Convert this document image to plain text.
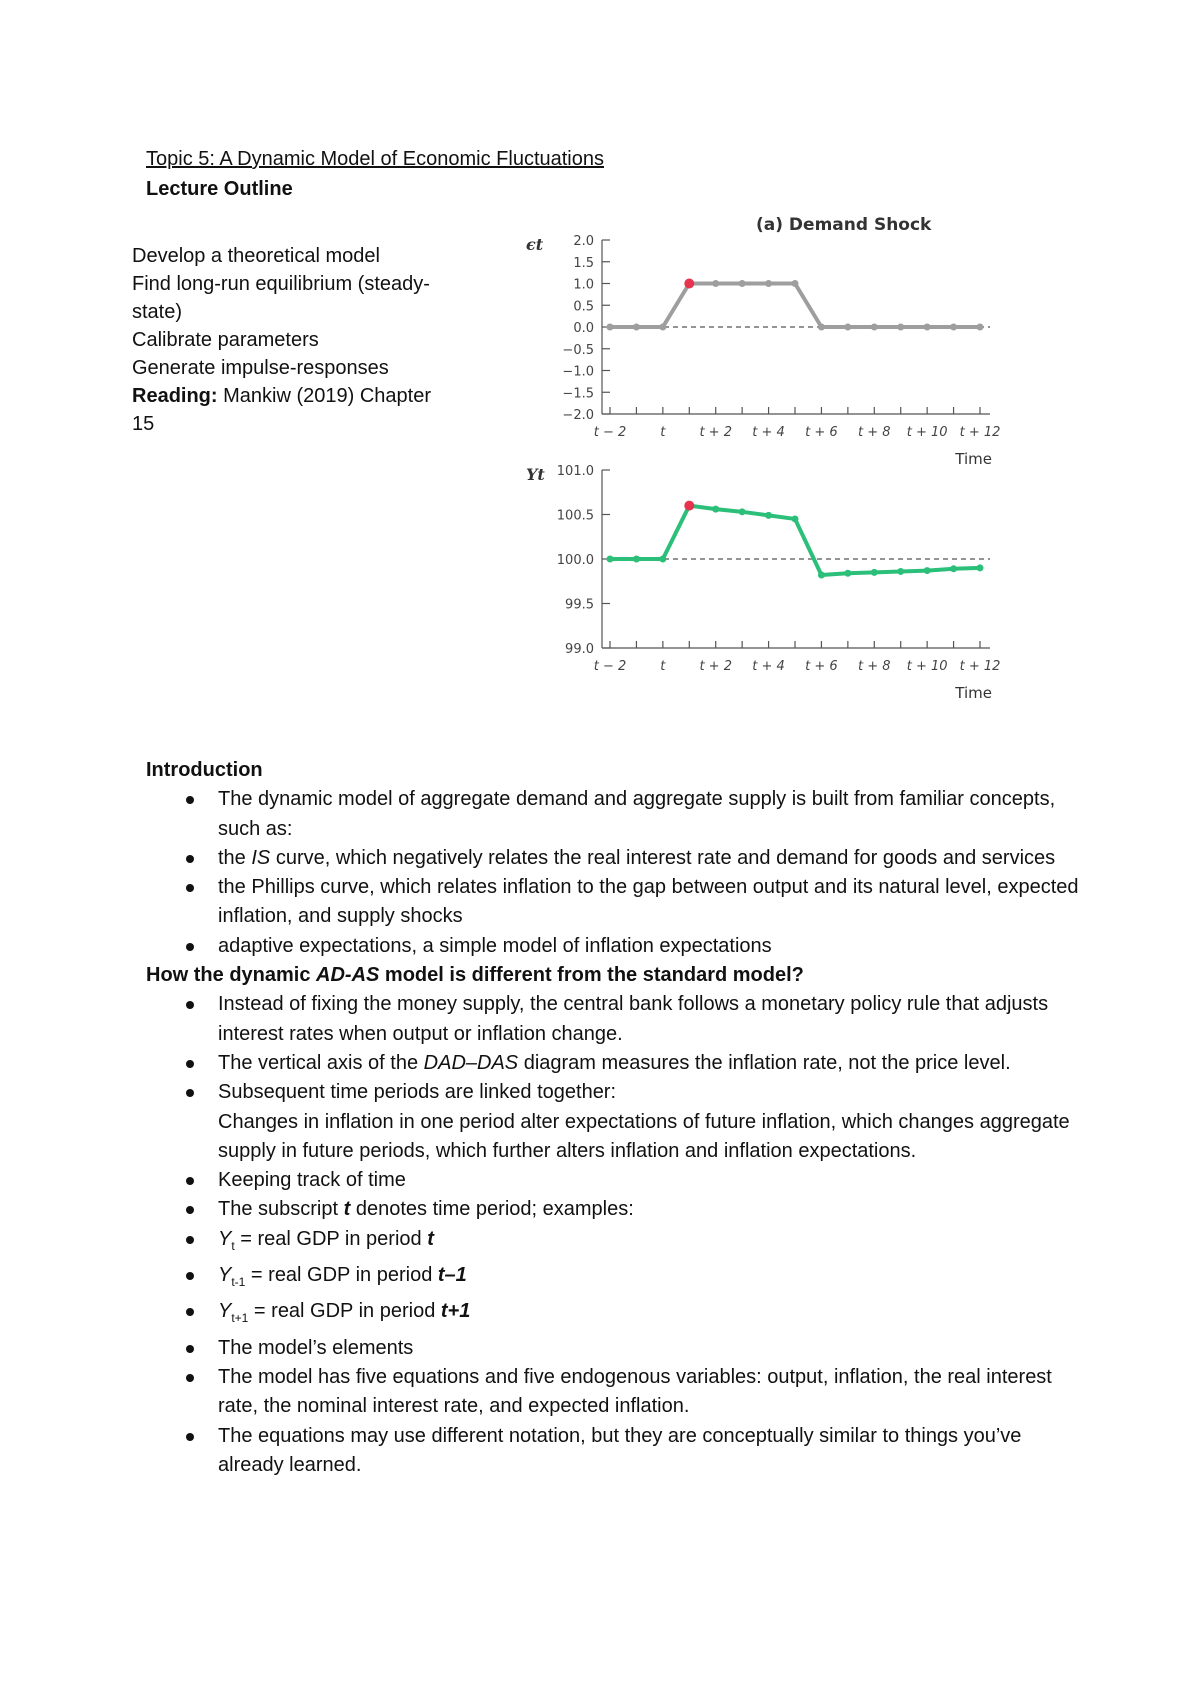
Topic 5: A Dynamic Model of Economic Fluctuations
Lecture Outline
Develop a theoretical model
Find long-run equilibrium (steady-
state)
Calibrate parameters
Generate impulse-responses
Reading: Mankiw (2019) Chapter
15
(a) Demand Shock
ϵt 2.0
1.5
1.0
0.5
0.0
−0.5
−1.0
−1.5
−2.0
t − 2	t	t + 2 t + 4 t + 6 t + 8 t + 10 t + 12
Time
Yt 101.0
100.5
100.0
99.5
99.0
t − 2	t	t + 2 t + 4 t + 6 t + 8 t + 10 t + 12
Time
Introduction
The dynamic model of aggregate demand and aggregate supply is built from familiar concepts, such as:
the IS curve, which negatively relates the real interest rate and demand for goods and services
the Phillips curve, which relates inflation to the gap between output and its natural level, expected inflation, and supply shocks
adaptive expectations, a simple model of inflation expectations
How the dynamic AD-AS model is different from the standard model?
Instead of fixing the money supply, the central bank follows a monetary policy rule that adjusts interest rates when output or inflation change.
The vertical axis of the DAD–DAS diagram measures the inflation rate, not the price level.
Subsequent time periods are linked together:
Changes in inflation in one period alter expectations of future inflation, which changes aggregate supply in future periods, which further alters inflation and inflation expectations.
Keeping track of time
The subscript t denotes time period; examples:
$Y_t$ = real GDP in period t
$Y_{t-1}$ = real GDP in period t–1
$Y_{t+1}$ = real GDP in period t+1
The model’s elements
The model has five equations and five endogenous variables: output, inflation, the real interest rate, the nominal interest rate, and expected inflation.
The equations may use different notation, but they are conceptually similar to things you’ve already learned.
